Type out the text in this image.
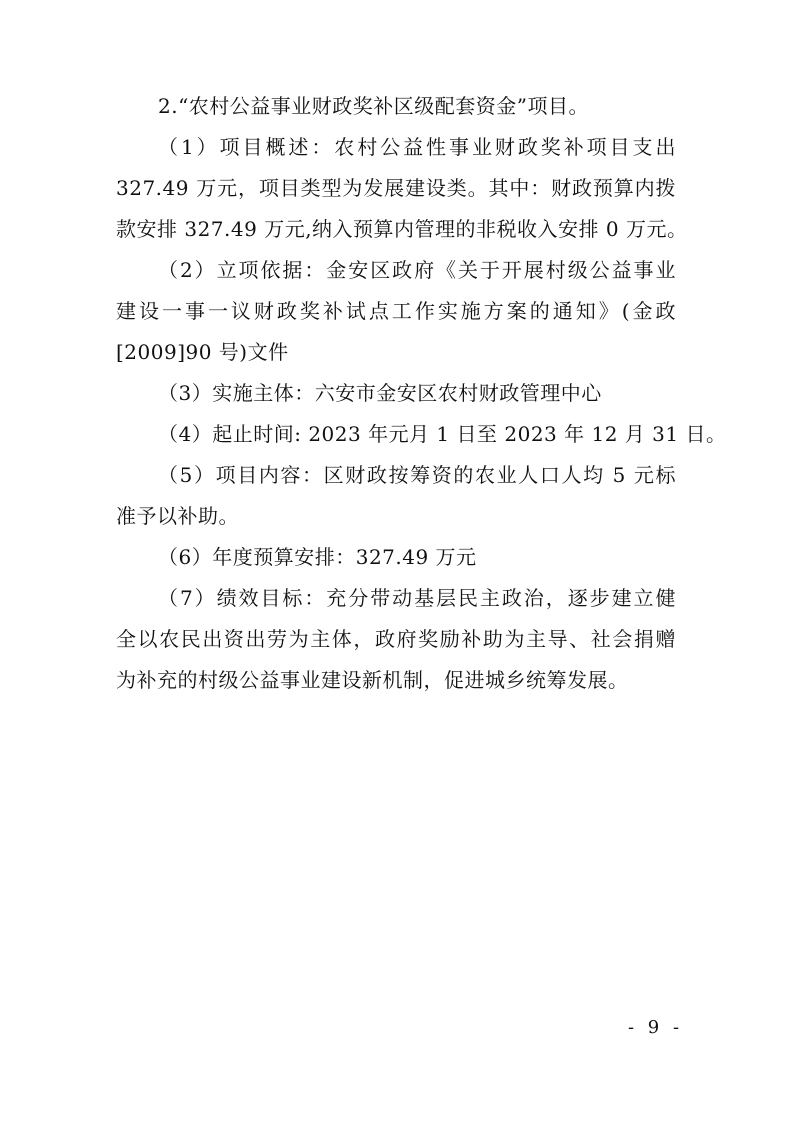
2.“农村公益事业财政奖补区级配套资金”项目。
（1）项目概述：农村公益性事业财政奖补项目支出
327.49 万元，项目类型为发展建设类。其中：财政预算内拨
款安排 327.49 万元,纳入预算内管理的非税收入安排 0 万元。
（2）立项依据：金安区政府《关于开展村级公益事业
建设一事一议财政奖补试点工作实施方案的通知》(金政
[2009]90 号)文件
（3）实施主体：六安市金安区农村财政管理中心
（4）起止时间: 2023 年元月 1 日至 2023 年 12 月 31 日。
（5）项目内容：区财政按筹资的农业人口人均 5 元标
准予以补助。
（6）年度预算安排：327.49 万元
（7）绩效目标：充分带动基层民主政治，逐步建立健
全以农民出资出劳为主体，政府奖励补助为主导、社会捐赠
为补充的村级公益事业建设新机制，促进城乡统筹发展。
- 9 -
